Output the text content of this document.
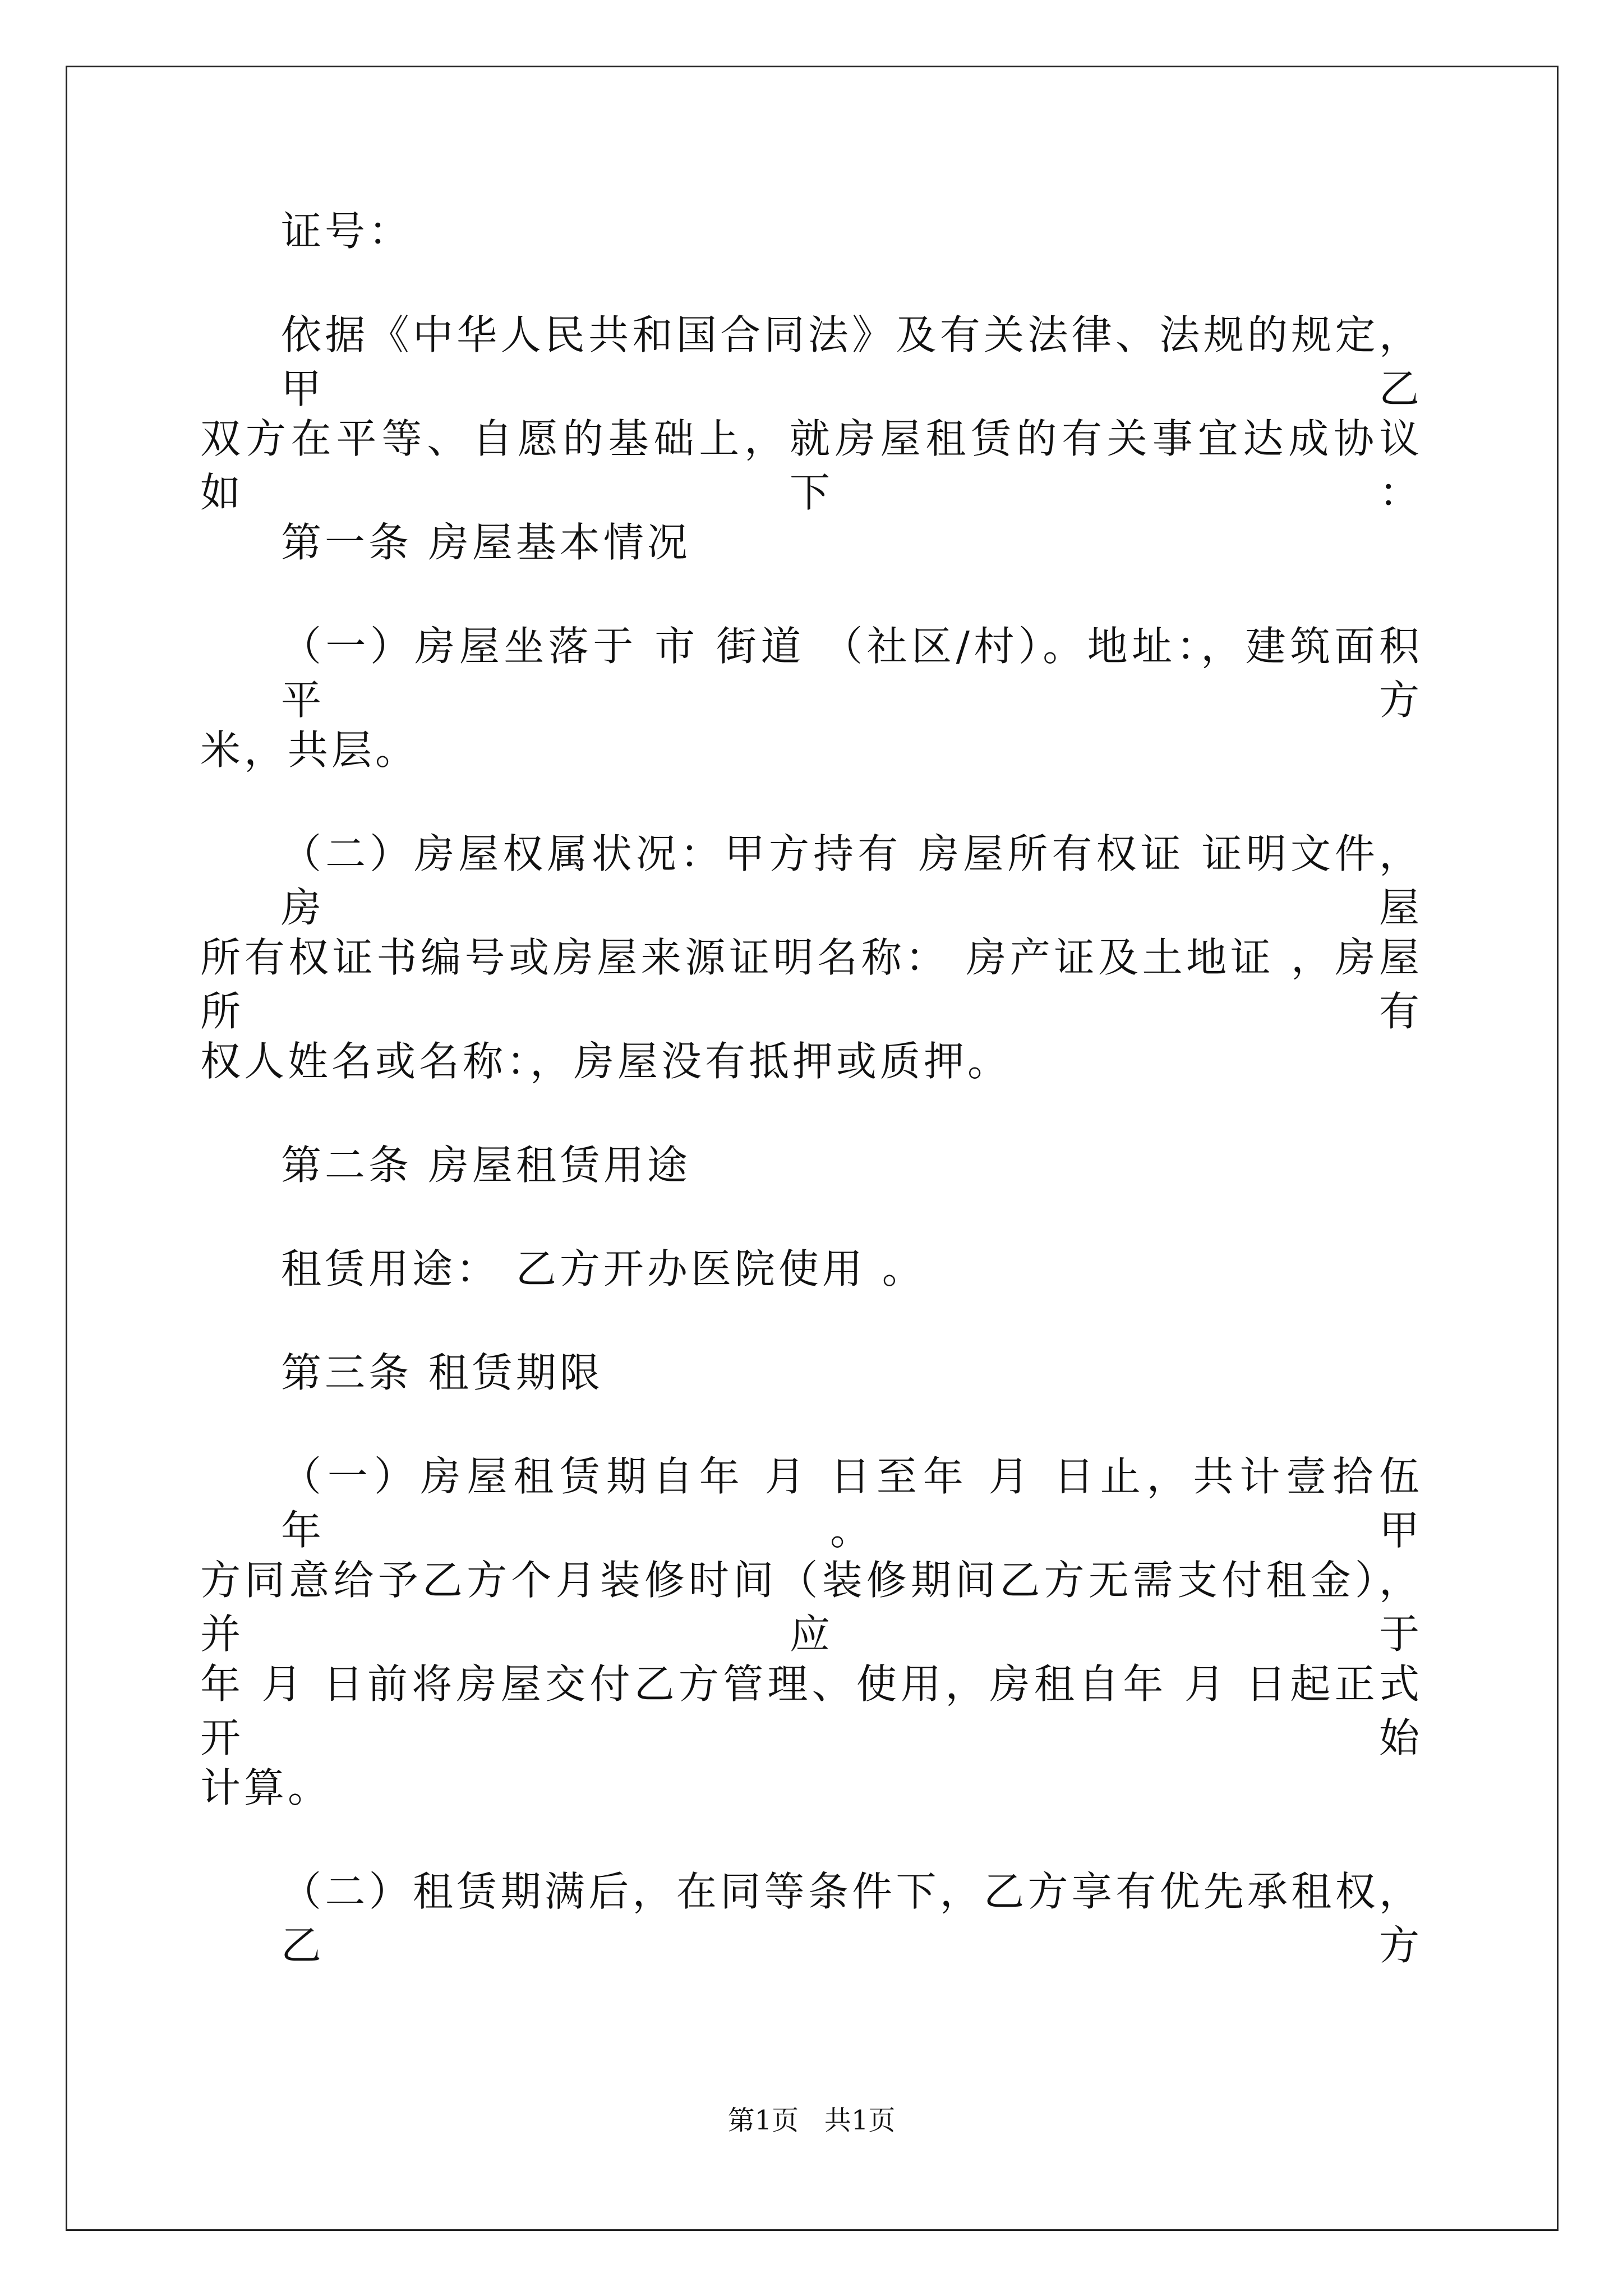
证号：
依据《中华人民共和国合同法》及有关法律、法规的规定，甲乙
双方在平等、自愿的基础上，就房屋租赁的有关事宜达成协议如下：
第一条 房屋基本情况
（一）房屋坐落于 市 街道 （社区/村）。地址：，建筑面积平方
米，共层。
（二）房屋权属状况：甲方持有 房屋所有权证 证明文件，房屋
所有权证书编号或房屋来源证明名称： 房产证及土地证 ，房屋所有
权人姓名或名称：，房屋没有抵押或质押。
第二条 房屋租赁用途
租赁用途： 乙方开办医院使用 。
第三条 租赁期限
（一）房屋租赁期自年 月 日至年 月 日止，共计壹拾伍年。甲
方同意给予乙方个月装修时间（装修期间乙方无需支付租金），并应于
年 月 日前将房屋交付乙方管理、使用，房租自年 月 日起正式开始
计算。
（二）租赁期满后，在同等条件下，乙方享有优先承租权，乙方
第1页   共1页
